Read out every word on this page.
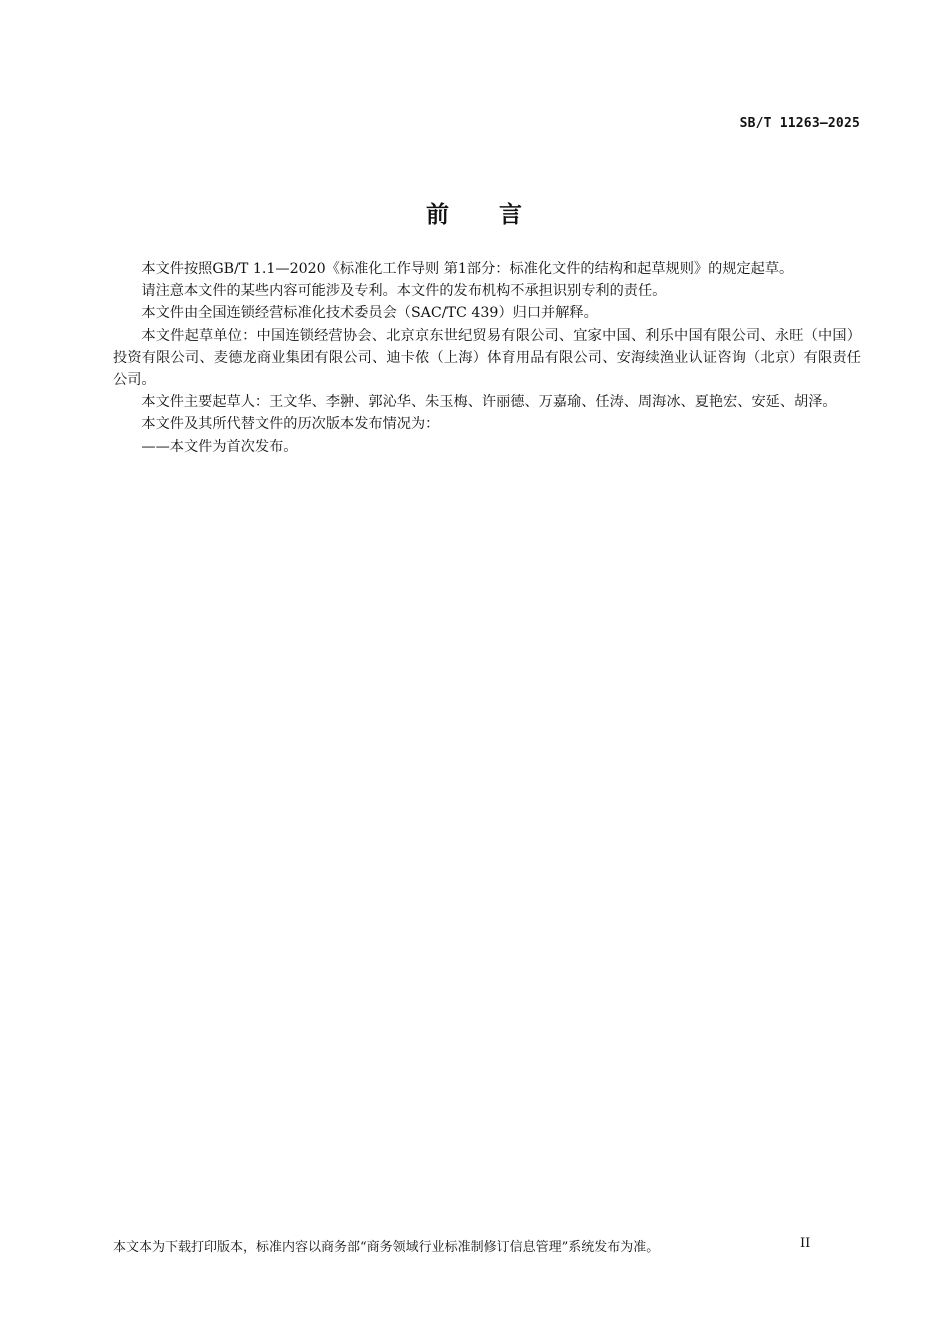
SB/T 11263—2025
前 言

本文件按照GB/T 1.1—2020《标准化工作导则 第1部分：标准化文件的结构和起草规则》的规定起草。

请注意本文件的某些内容可能涉及专利。本文件的发布机构不承担识别专利的责任。

本文件由全国连锁经营标准化技术委员会（SAC/TC 439）归口并解释。

本文件起草单位：中国连锁经营协会、北京京东世纪贸易有限公司、宜家中国、利乐中国有限公司、永旺（中国）投资有限公司、麦德龙商业集团有限公司、迪卡侬（上海）体育用品有限公司、安海续渔业认证咨询（北京）有限责任公司。

本文件主要起草人：王文华、李翀、郭沁华、朱玉梅、许丽德、万嘉瑜、任涛、周海冰、夏艳宏、安延、胡泽。

本文件及其所代替文件的历次版本发布情况为：

——本文件为首次发布。

本文本为下载打印版本，标准内容以商务部“商务领域行业标准制修订信息管理”系统发布为准。	II
